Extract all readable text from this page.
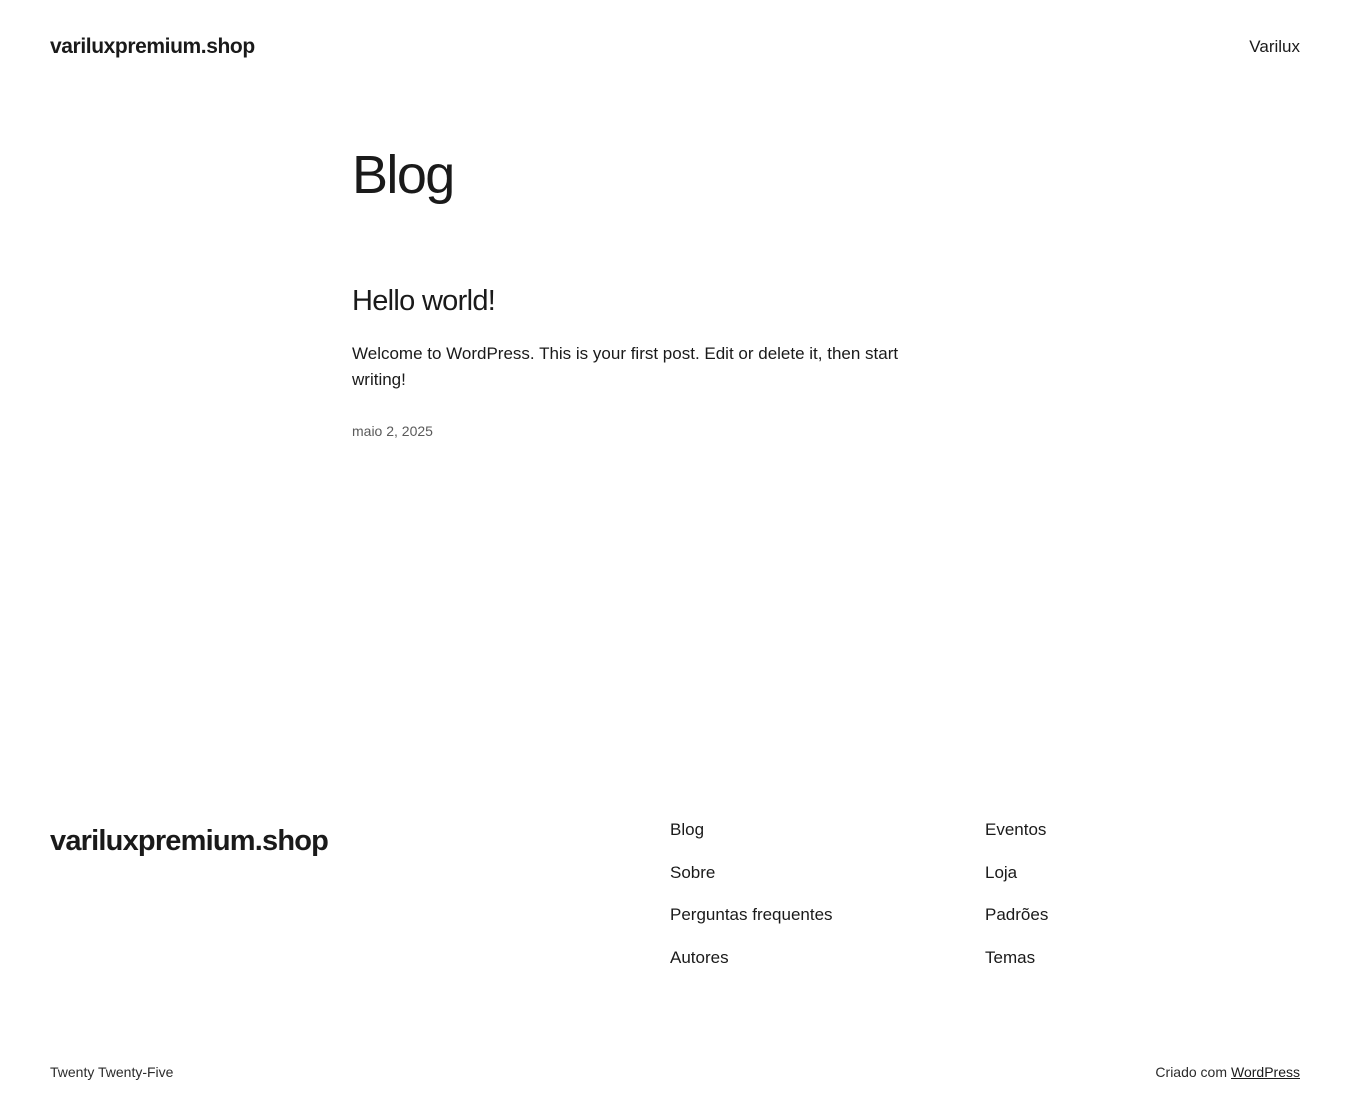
variluxpremium.shop	Varilux
Blog
Hello world!

Welcome to WordPress. This is your first post. Edit or delete it, then start writing!

maio 2, 2025
variluxpremium.shop	Blog
Sobre
Perguntas frequentes
Autores
Eventos
Loja
Padrões
Temas
Twenty Twenty-Five	Criado com WordPress
